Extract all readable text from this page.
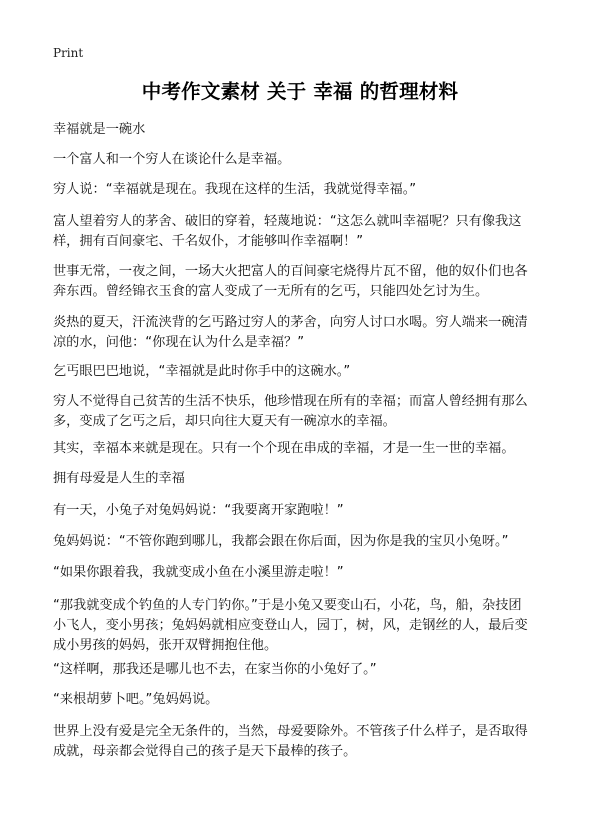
Print
中考作文素材 关于 幸福 的哲理材料
幸福就是一碗水
一个富人和一个穷人在谈论什么是幸福。
穷人说：“幸福就是现在。我现在这样的生活，我就觉得幸福。”
富人望着穷人的茅舍、破旧的穿着，轻蔑地说：“这怎么就叫幸福呢？只有像我这
样，拥有百间豪宅、千名奴仆，才能够叫作幸福啊！”
世事无常，一夜之间，一场大火把富人的百间豪宅烧得片瓦不留，他的奴仆们也各
奔东西。曾经锦衣玉食的富人变成了一无所有的乞丐，只能四处乞讨为生。
炎热的夏天，汗流浃背的乞丐路过穷人的茅舍，向穷人讨口水喝。穷人端来一碗清
凉的水，问他：“你现在认为什么是幸福？”
乞丐眼巴巴地说，“幸福就是此时你手中的这碗水。”
穷人不觉得自己贫苦的生活不快乐，他珍惜现在所有的幸福；而富人曾经拥有那么
多，变成了乞丐之后，却只向往大夏天有一碗凉水的幸福。
其实，幸福本来就是现在。只有一个个现在串成的幸福，才是一生一世的幸福。
拥有母爱是人生的幸福
有一天，小兔子对兔妈妈说：“我要离开家跑啦！”
兔妈妈说：“不管你跑到哪儿，我都会跟在你后面，因为你是我的宝贝小兔呀。”
“如果你跟着我，我就变成小鱼在小溪里游走啦！”
“那我就变成个钓鱼的人专门钓你。”于是小兔又要变山石，小花，鸟，船，杂技团
小飞人，变小男孩；兔妈妈就相应变登山人，园丁，树，风，走钢丝的人，最后变
成小男孩的妈妈，张开双臂拥抱住他。
“这样啊，那我还是哪儿也不去，在家当你的小兔好了。”
“来根胡萝卜吧。”兔妈妈说。
世界上没有爱是完全无条件的，当然，母爱要除外。不管孩子什么样子，是否取得
成就，母亲都会觉得自己的孩子是天下最棒的孩子。
